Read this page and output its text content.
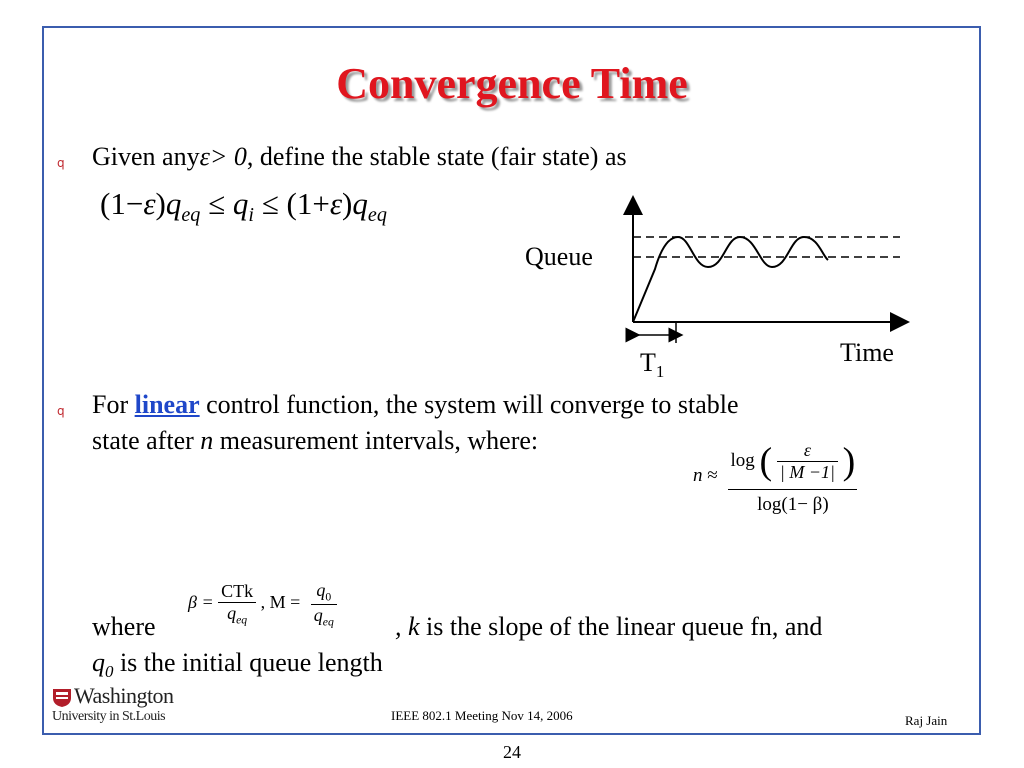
Convergence Time
q Given anyε> 0, define the stable state (fair state) as
$(1-\varepsilon)q_{eq} \le q_i \le (1+\varepsilon)q_{eq}$
Queue
Time
$T_1$
q For linear control function, the system will converge to stable
state after n measurement intervals, where:
$n \approx \frac{\log ( \frac{\varepsilon}{| M -1|} )}{\log(1- \beta)}$
$\beta = \frac{\text{CTk}}{q_{eq}}$ , $M = \frac{q_0}{q_{eq}}$
where	, k is the slope of the linear queue fn, and
$q_0$ is the initial queue length
Washington
University in St.Louis	IEEE 802.1 Meeting Nov 14, 2006	Raj Jain
24
